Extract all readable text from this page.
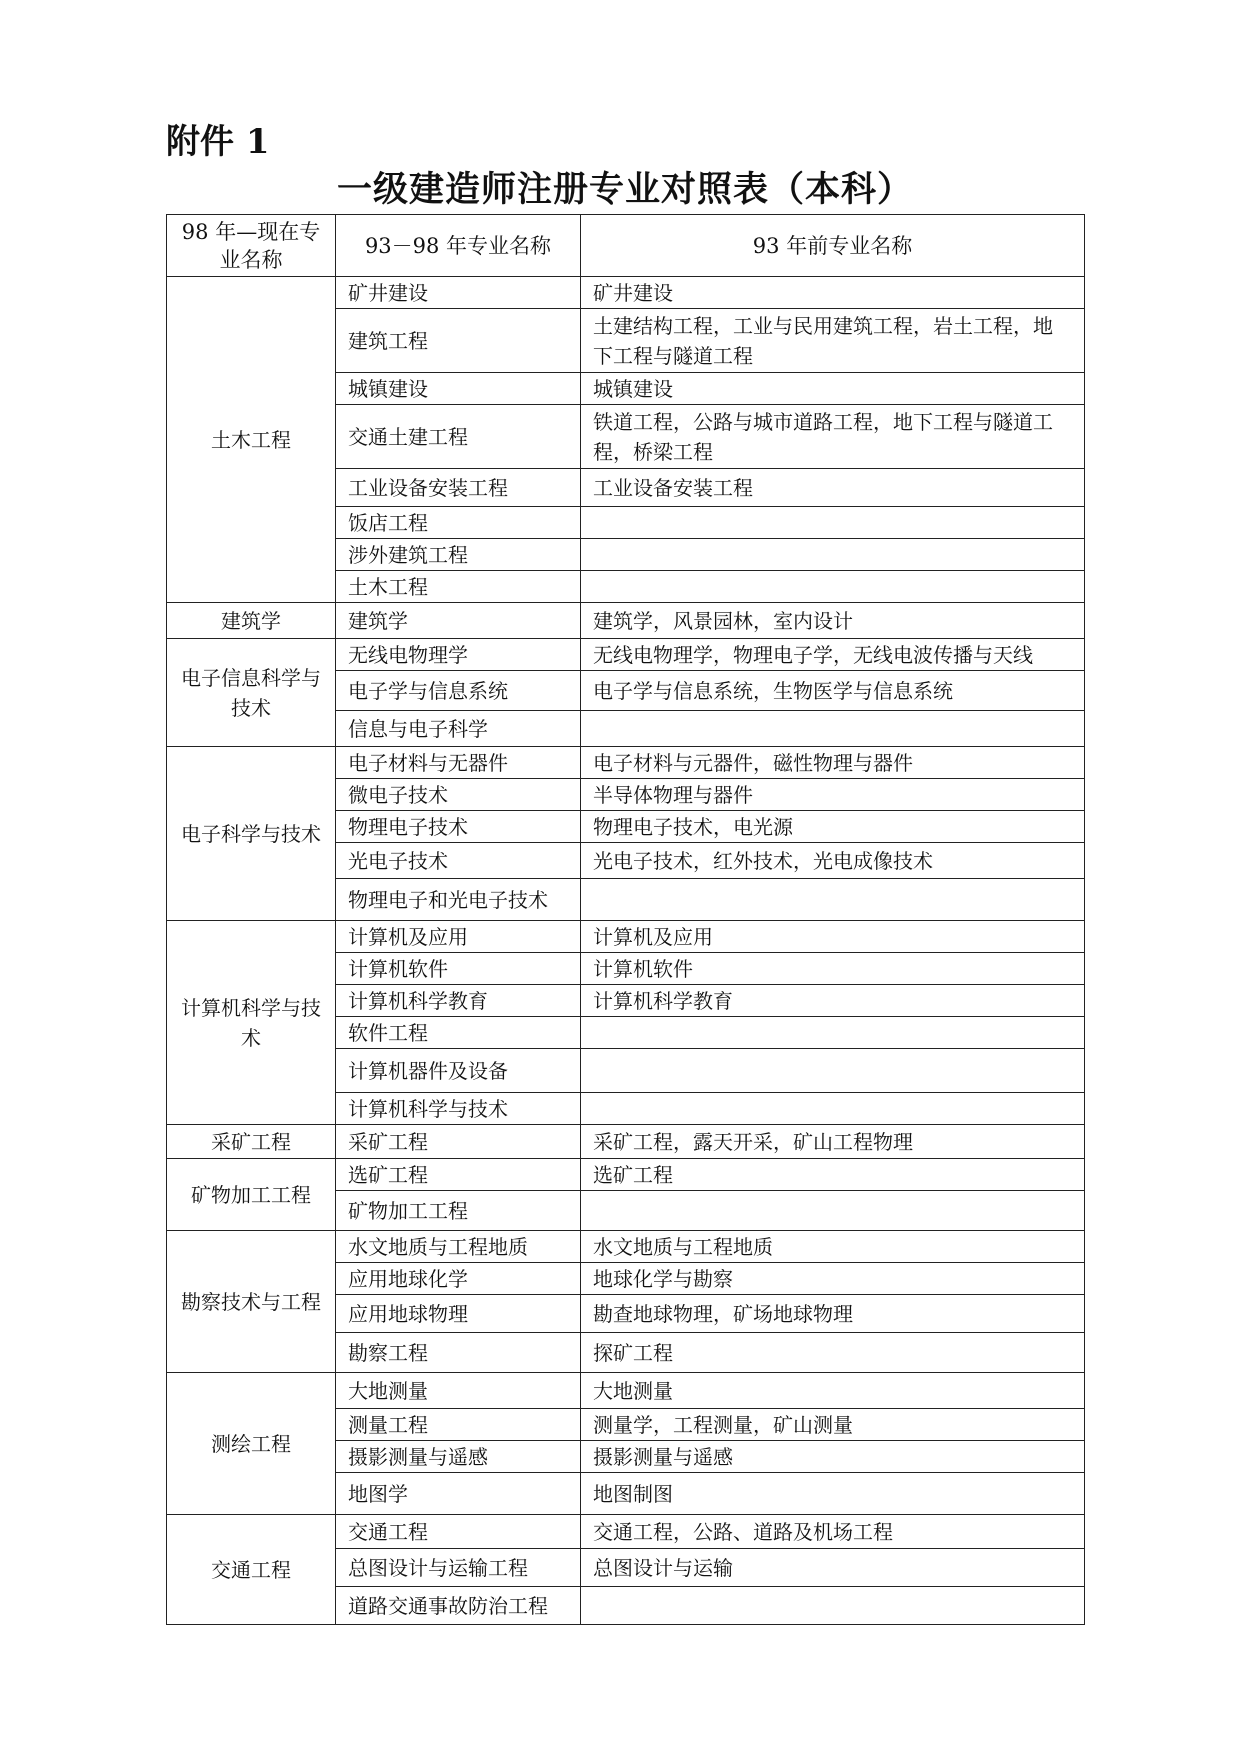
附件 1
一级建造师注册专业对照表（本科）
98 年—现在专业名称	93－98 年专业名称	93 年前专业名称
土木工程	矿井建设	矿井建设
	建筑工程	土建结构工程，工业与民用建筑工程，岩土工程，地下工程与隧道工程
	城镇建设	城镇建设
	交通土建工程	铁道工程，公路与城市道路工程，地下工程与隧道工程，桥梁工程
	工业设备安装工程	工业设备安装工程
	饭店工程	
	涉外建筑工程	
	土木工程	
建筑学	建筑学	建筑学，风景园林，室内设计
电子信息科学与技术	无线电物理学	无线电物理学，物理电子学，无线电波传播与天线
	电子学与信息系统	电子学与信息系统，生物医学与信息系统
	信息与电子科学	
电子科学与技术	电子材料与无器件	电子材料与元器件，磁性物理与器件
	微电子技术	半导体物理与器件
	物理电子技术	物理电子技术，电光源
	光电子技术	光电子技术，红外技术，光电成像技术
	物理电子和光电子技术	
计算机科学与技术	计算机及应用	计算机及应用
	计算机软件	计算机软件
	计算机科学教育	计算机科学教育
	软件工程	
	计算机器件及设备	
	计算机科学与技术	
采矿工程	采矿工程	采矿工程，露天开采，矿山工程物理
矿物加工工程	选矿工程	选矿工程
	矿物加工工程	
勘察技术与工程	水文地质与工程地质	水文地质与工程地质
	应用地球化学	地球化学与勘察
	应用地球物理	勘查地球物理，矿场地球物理
	勘察工程	探矿工程
测绘工程	大地测量	大地测量
	测量工程	测量学，工程测量，矿山测量
	摄影测量与遥感	摄影测量与遥感
	地图学	地图制图
交通工程	交通工程	交通工程，公路、道路及机场工程
	总图设计与运输工程	总图设计与运输
	道路交通事故防治工程	
